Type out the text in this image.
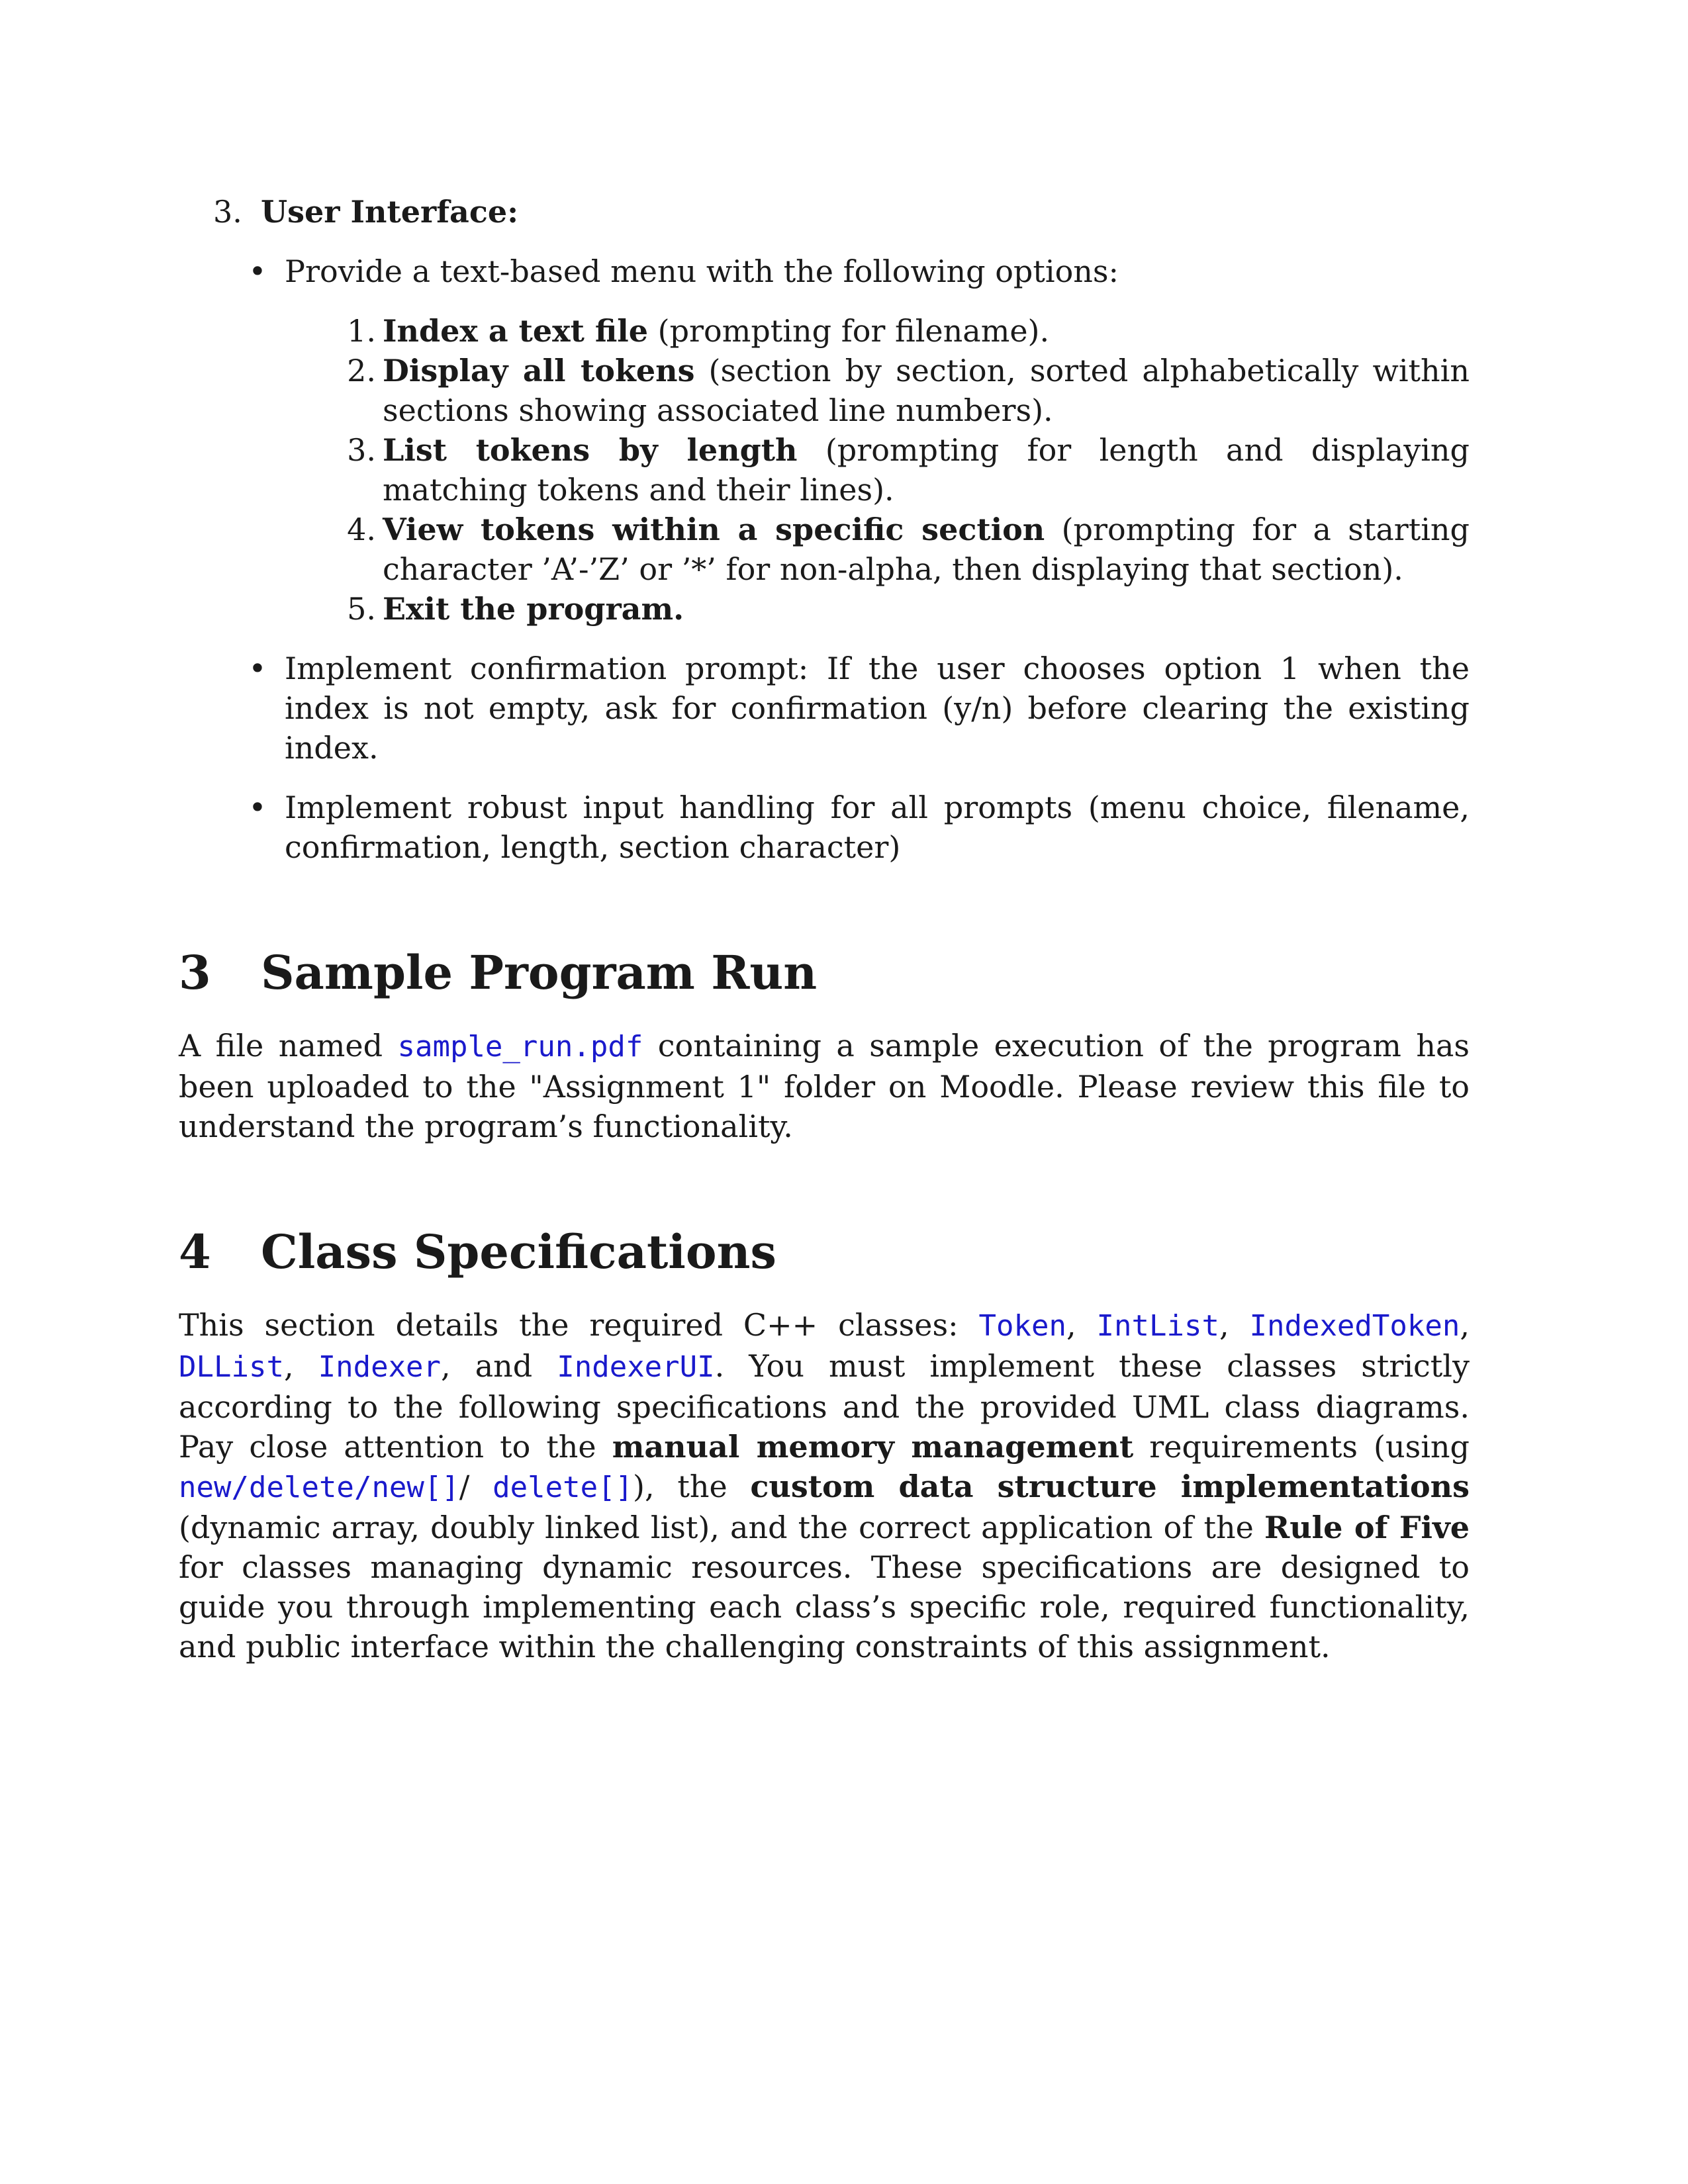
3. User Interface:
• Provide a text-based menu with the following options:
1. Index a text file (prompting for filename).
2. Display all tokens (section by section, sorted alphabetically within sections showing associated line numbers).
3. List tokens by length (prompting for length and displaying matching tokens and their lines).
4. View tokens within a specific section (prompting for a starting character ’A’-’Z’ or ’*’ for non-alpha, then displaying that section).
5. Exit the program.
• Implement confirmation prompt: If the user chooses option 1 when the index is not empty, ask for confirmation (y/n) before clearing the existing index.
• Implement robust input handling for all prompts (menu choice, filename, confirmation, length, section character)
3 Sample Program Run
A file named sample_run.pdf containing a sample execution of the program has been uploaded to the "Assignment 1" folder on Moodle. Please review this file to understand the program’s functionality.
4 Class Specifications
This section details the required C++ classes: Token, IntList, IndexedToken, DLList, Indexer, and IndexerUI. You must implement these classes strictly according to the following specifications and the provided UML class diagrams. Pay close attention to the manual memory management requirements (using new/delete/new[]/ delete[]), the custom data structure implementations (dynamic array, doubly linked list), and the correct application of the Rule of Five for classes managing dynamic resources. These specifications are designed to guide you through implementing each class’s specific role, required functionality, and public interface within the challenging constraints of this assignment.
